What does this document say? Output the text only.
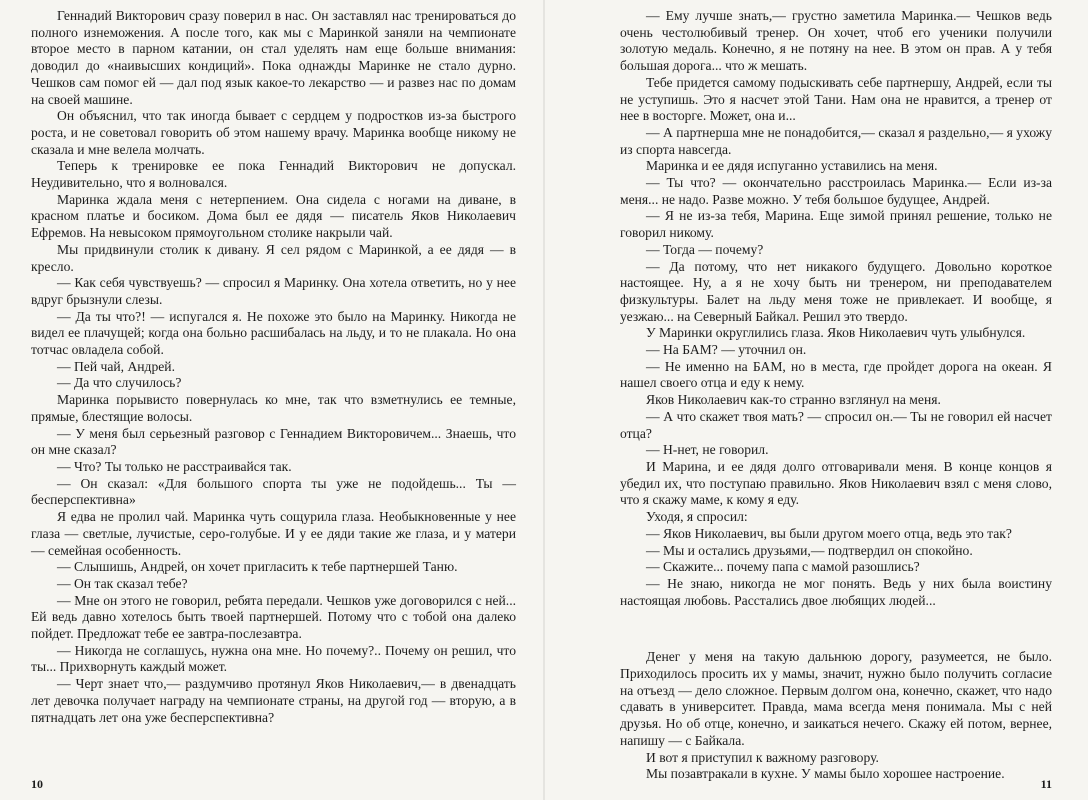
Геннадий Викторович сразу поверил в нас. Он заставлял нас тренироваться до полного изнеможения. А после того, как мы с Маринкой заняли на чемпионате второе место в парном катании, он стал уделять нам еще больше внимания: доводил до «наивысших кондиций». Пока однажды Маринке не стало дурно. Чешков сам помог ей — дал под язык какое-то лекарство — и развез нас по домам на своей машине.

Он объяснил, что так иногда бывает с сердцем у подростков из-за быстрого роста, и не советовал говорить об этом нашему врачу. Маринка вообще никому не сказала и мне велела молчать.

Теперь к тренировке ее пока Геннадий Викторович не допускал. Неудивительно, что я волновался.

Маринка ждала меня с нетерпением. Она сидела с ногами на диване, в красном платье и босиком. Дома был ее дядя — писатель Яков Николаевич Ефремов. На невысоком прямоугольном столике накрыли чай.

Мы придвинули столик к дивану. Я сел рядом с Маринкой, а ее дядя — в кресло.

— Как себя чувствуешь? — спросил я Маринку. Она хотела ответить, но у нее вдруг брызнули слезы.

— Да ты что?! — испугался я. Не похоже это было на Маринку. Никогда не видел ее плачущей; когда она больно расшибалась на льду, и то не плакала. Но она тотчас овладела собой.

— Пей чай, Андрей.

— Да что случилось?

Маринка порывисто повернулась ко мне, так что взметнулись ее темные, прямые, блестящие волосы.

— У меня был серьезный разговор с Геннадием Викторовичем... Знаешь, что он мне сказал?

— Что? Ты только не расстраивайся так.

— Он сказал: «Для большого спорта ты уже не подойдешь... Ты — бесперспективна»

Я едва не пролил чай. Маринка чуть сощурила глаза. Необыкновенные у нее глаза — светлые, лучистые, серо-голубые. И у ее дяди такие же глаза, и у матери — семейная особенность.

— Слышишь, Андрей, он хочет пригласить к тебе партнершей Таню.

— Он так сказал тебе?

— Мне он этого не говорил, ребята передали. Чешков уже договорился с ней... Ей ведь давно хотелось быть твоей партнершей. Потому что с тобой она далеко пойдет. Предложат тебе ее завтра-послезавтра.

— Никогда не соглашусь, нужна она мне. Но почему?.. Почему он решил, что ты... Прихворнуть каждый может.

— Черт знает что,— раздумчиво протянул Яков Николаевич,— в двенадцать лет девочка получает награду на чемпионате страны, на другой год — вторую, а в пятнадцать лет она уже бесперспективна?

10

— Ему лучше знать,— грустно заметила Маринка.— Чешков ведь очень честолюбивый тренер. Он хочет, чтоб его ученики получили золотую медаль. Конечно, я не потяну на нее. В этом он прав. А у тебя большая дорога... что ж мешать.

Тебе придется самому подыскивать себе партнершу, Андрей, если ты не уступишь. Это я насчет этой Тани. Нам она не нравится, а тренер от нее в восторге. Может, она и...

— А партнерша мне не понадобится,— сказал я раздельно,— я ухожу из спорта навсегда.

Маринка и ее дядя испуганно уставились на меня.

— Ты что? — окончательно расстроилась Маринка.— Если из-за меня... не надо. Разве можно. У тебя большое будущее, Андрей.

— Я не из-за тебя, Марина. Еще зимой принял решение, только не говорил никому.

— Тогда — почему?

— Да потому, что нет никакого будущего. Довольно короткое настоящее. Ну, а я не хочу быть ни тренером, ни преподавателем физкультуры. Балет на льду меня тоже не привлекает. И вообще, я уезжаю... на Северный Байкал. Решил это твердо.

У Маринки округлились глаза. Яков Николаевич чуть улыбнулся.

— На БАМ? — уточнил он.

— Не именно на БАМ, но в места, где пройдет дорога на океан. Я нашел своего отца и еду к нему.

Яков Николаевич как-то странно взглянул на меня.

— А что скажет твоя мать? — спросил он.— Ты не говорил ей насчет отца?

— Н-нет, не говорил.

И Марина, и ее дядя долго отговаривали меня. В конце концов я убедил их, что поступаю правильно. Яков Николаевич взял с меня слово, что я скажу маме, к кому я еду.

Уходя, я спросил:

— Яков Николаевич, вы были другом моего отца, ведь это так?

— Мы и остались друзьями,— подтвердил он спокойно.

— Скажите... почему папа с мамой разошлись?

— Не знаю, никогда не мог понять. Ведь у них была воистину настоящая любовь. Расстались двое любящих людей...

Денег у меня на такую дальнюю дорогу, разумеется, не было. Приходилось просить их у мамы, значит, нужно было получить согласие на отъезд — дело сложное. Первым долгом она, конечно, скажет, что надо сдавать в университет. Правда, мама всегда меня понимала. Мы с ней друзья. Но об отце, конечно, и заикаться нечего. Скажу ей потом, вернее, напишу — с Байкала.

И вот я приступил к важному разговору.

Мы позавтракали в кухне. У мамы было хорошее настроение.

11
